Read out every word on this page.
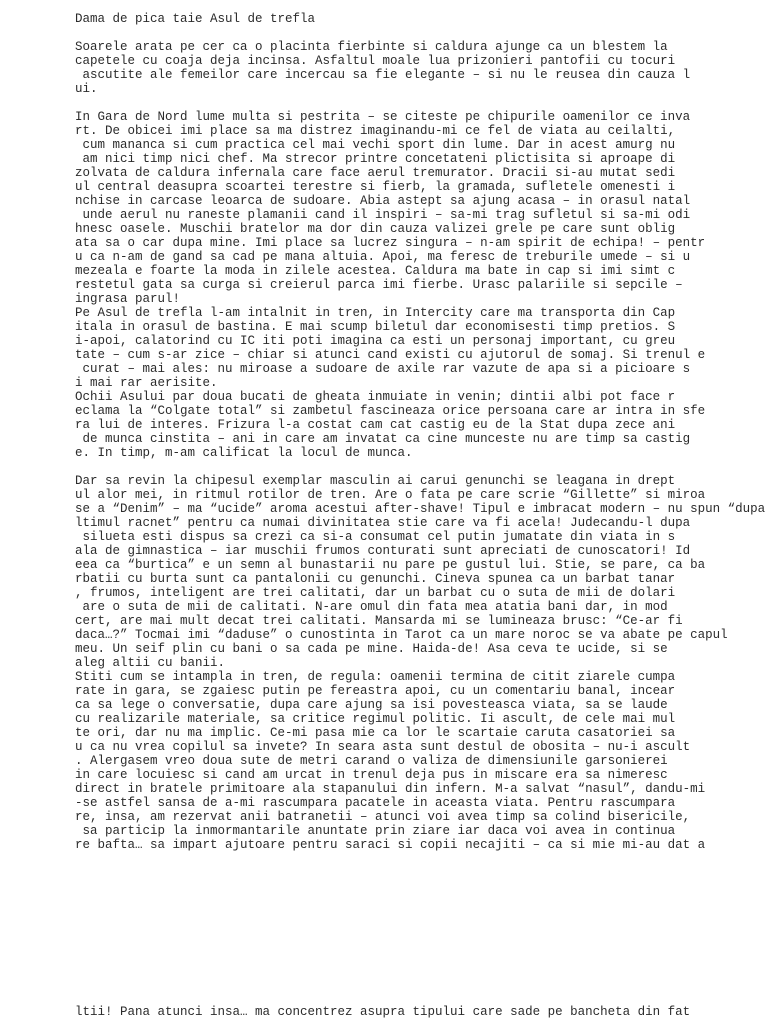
Dama de pica taie Asul de trefla
Soarele arata pe cer ca o placinta fierbinte si caldura ajunge ca un blestem la
capetele cu coaja deja incinsa. Asfaltul moale lua prizonieri pantofii cu tocuri
ascutite ale femeilor care incercau sa fie elegante – si nu le reusea din cauza l
ui.
In Gara de Nord lume multa si pestrita – se citeste pe chipurile oamenilor ce inva
rt. De obicei imi place sa ma distrez imaginandu-mi ce fel de viata au ceilalti,
cum mananca si cum practica cel mai vechi sport din lume. Dar in acest amurg nu
am nici timp nici chef. Ma strecor printre concetateni plictisita si aproape di
zolvata de caldura infernala care face aerul tremurator. Dracii si-au mutat sedi
ul central deasupra scoartei terestre si fierb, la gramada, sufletele omenesti i
nchise in carcase leoarca de sudoare. Abia astept sa ajung acasa – in orasul natal
unde aerul nu raneste plamanii cand il inspiri – sa-mi trag sufletul si sa-mi odi
hnesc oasele. Muschii bratelor ma dor din cauza valizei grele pe care sunt oblig
ata sa o car dupa mine. Imi place sa lucrez singura – n-am spirit de echipa! – pentr
u ca n-am de gand sa cad pe mana altuia. Apoi, ma feresc de treburile umede – si u
mezeala e foarte la moda in zilele acestea. Caldura ma bate in cap si imi simt c
restetul gata sa curga si creierul parca imi fierbe. Urasc palariile si sepcile –
ingrasa parul!
Pe Asul de trefla l-am intalnit in tren, in Intercity care ma transporta din Cap
itala in orasul de bastina. E mai scump biletul dar economisesti timp pretios. S
i-apoi, calatorind cu IC iti poti imagina ca esti un personaj important, cu greu
tate – cum s-ar zice – chiar si atunci cand existi cu ajutorul de somaj. Si trenul e
curat – mai ales: nu miroase a sudoare de axile rar vazute de apa si a picioare s
i mai rar aerisite.
Ochii Asului par doua bucati de gheata inmuiate in venin; dintii albi pot face r
eclama la “Colgate total” si zambetul fascineaza orice persoana care ar intra in sfe
ra lui de interes. Frizura l-a costat cam cat castig eu de la Stat dupa zece ani
de munca cinstita – ani in care am invatat ca cine munceste nu are timp sa castig
e. In timp, m-am calificat la locul de munca.
Dar sa revin la chipesul exemplar masculin ai carui genunchi se leagana in drept
ul alor mei, in ritmul rotilor de tren. Are o fata pe care scrie “Gillette” si miroa
se a “Denim” – ma “ucide” aroma acestui after-shave! Tipul e imbracat modern – nu spun “dupa
ltimul racnet” pentru ca numai divinitatea stie care va fi acela! Judecandu-l dupa
silueta esti dispus sa crezi ca si-a consumat cel putin jumatate din viata in s
ala de gimnastica – iar muschii frumos conturati sunt apreciati de cunoscatori! Id
eea ca “burtica” e un semn al bunastarii nu pare pe gustul lui. Stie, se pare, ca ba
rbatii cu burta sunt ca pantalonii cu genunchi. Cineva spunea ca un barbat tanar
, frumos, inteligent are trei calitati, dar un barbat cu o suta de mii de dolari
are o suta de mii de calitati. N-are omul din fata mea atatia bani dar, in mod
cert, are mai mult decat trei calitati. Mansarda mi se lumineaza brusc: “Ce-ar fi
daca…?” Tocmai imi “daduse” o cunostinta in Tarot ca un mare noroc se va abate pe capul
meu. Un seif plin cu bani o sa cada pe mine. Haida-de! Asa ceva te ucide, si se
aleg altii cu banii.
Stiti cum se intampla in tren, de regula: oamenii termina de citit ziarele cumpa
rate in gara, se zgaiesc putin pe fereastra apoi, cu un comentariu banal, incear
ca sa lege o conversatie, dupa care ajung sa isi povesteasca viata, sa se laude
cu realizarile materiale, sa critice regimul politic. Ii ascult, de cele mai mul
te ori, dar nu ma implic. Ce-mi pasa mie ca lor le scartaie caruta casatoriei sa
u ca nu vrea copilul sa invete? In seara asta sunt destul de obosita – nu-i ascult
. Alergasem vreo doua sute de metri carand o valiza de dimensiunile garsonierei
in care locuiesc si cand am urcat in trenul deja pus in miscare era sa nimeresc
direct in bratele primitoare ala stapanului din infern. M-a salvat “nasul”, dandu-mi
-se astfel sansa de a-mi rascumpara pacatele in aceasta viata. Pentru rascumpara
re, insa, am rezervat anii batranetii – atunci voi avea timp sa colind bisericile,
sa particip la inmormantarile anuntate prin ziare iar daca voi avea in continua
re bafta… sa impart ajutoare pentru saraci si copii necajiti – ca si mie mi-au dat a
ltii! Pana atunci insa… ma concentrez asupra tipului care sade pe bancheta din fat
